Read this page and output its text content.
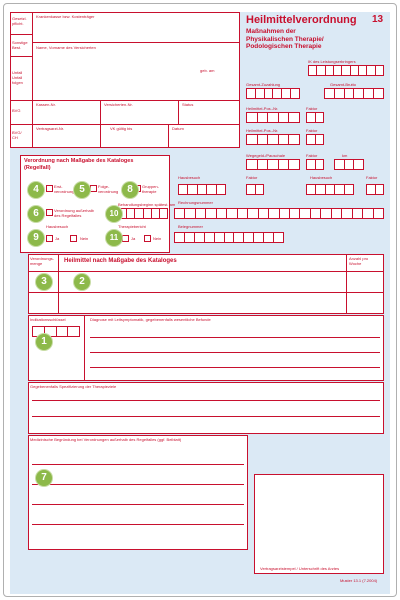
Gesetzl.
pflicht.
Sonstige
Best.
Unfall
Unfall
folgen
BVG
BVG/
CH
Krankenkasse bzw. Kostenträger
Name, Vorname des Versicherten
geb. am
Kassen-Nr.	Versicherten-Nr.	Status
Vertragsarzt-Nr.	VK gültig bis	Datum
Heilmittelverordnung 13
Maßnahmen der
Physikalischen Therapie/
Podologischen Therapie
IK des Leistungserbringers
Gesamt-Zuzahlung	Gesamt-Brutto
Heilmittel-Pos.-Nr.	Faktor
Heilmittel-Pos.-Nr.	Faktor
Wegegeld-/Pauschale	Faktor	km
Faktor	Hausbesuch	Faktor
Verordnung nach Maßgabe des Kataloges
(Regelfall)
Erst-
verordnung
Folge-
verordnung
Gruppen-
therapie
Verordnung außerhalb
des Regelfalles
Behandlungsbeginn spätest. am
Hausbesuch
Ja	Nein
Therapiebericht
Ja	Nein
Hausbesuch
Rechnungsnummer
Belegnummer
Verordnungs-
menge	Heilmittel nach Maßgabe des Kataloges	Anzahl pro
Woche
Indikationsschlüssel	Diagnose mit Leitsymptomatik, gegebenenfalls wesentliche Befunde
Gegebenenfalls Spezifizierung der Therapieziele
Medizinische Begründung bei Verordnungen außerhalb des Regelfalles (ggf. Beiblatt)
Vertragsarztstempel / Unterschrift des Arztes
Muster 13.1 (7.2004)
4	5	8
6	10
9	11
3	2
1
7
